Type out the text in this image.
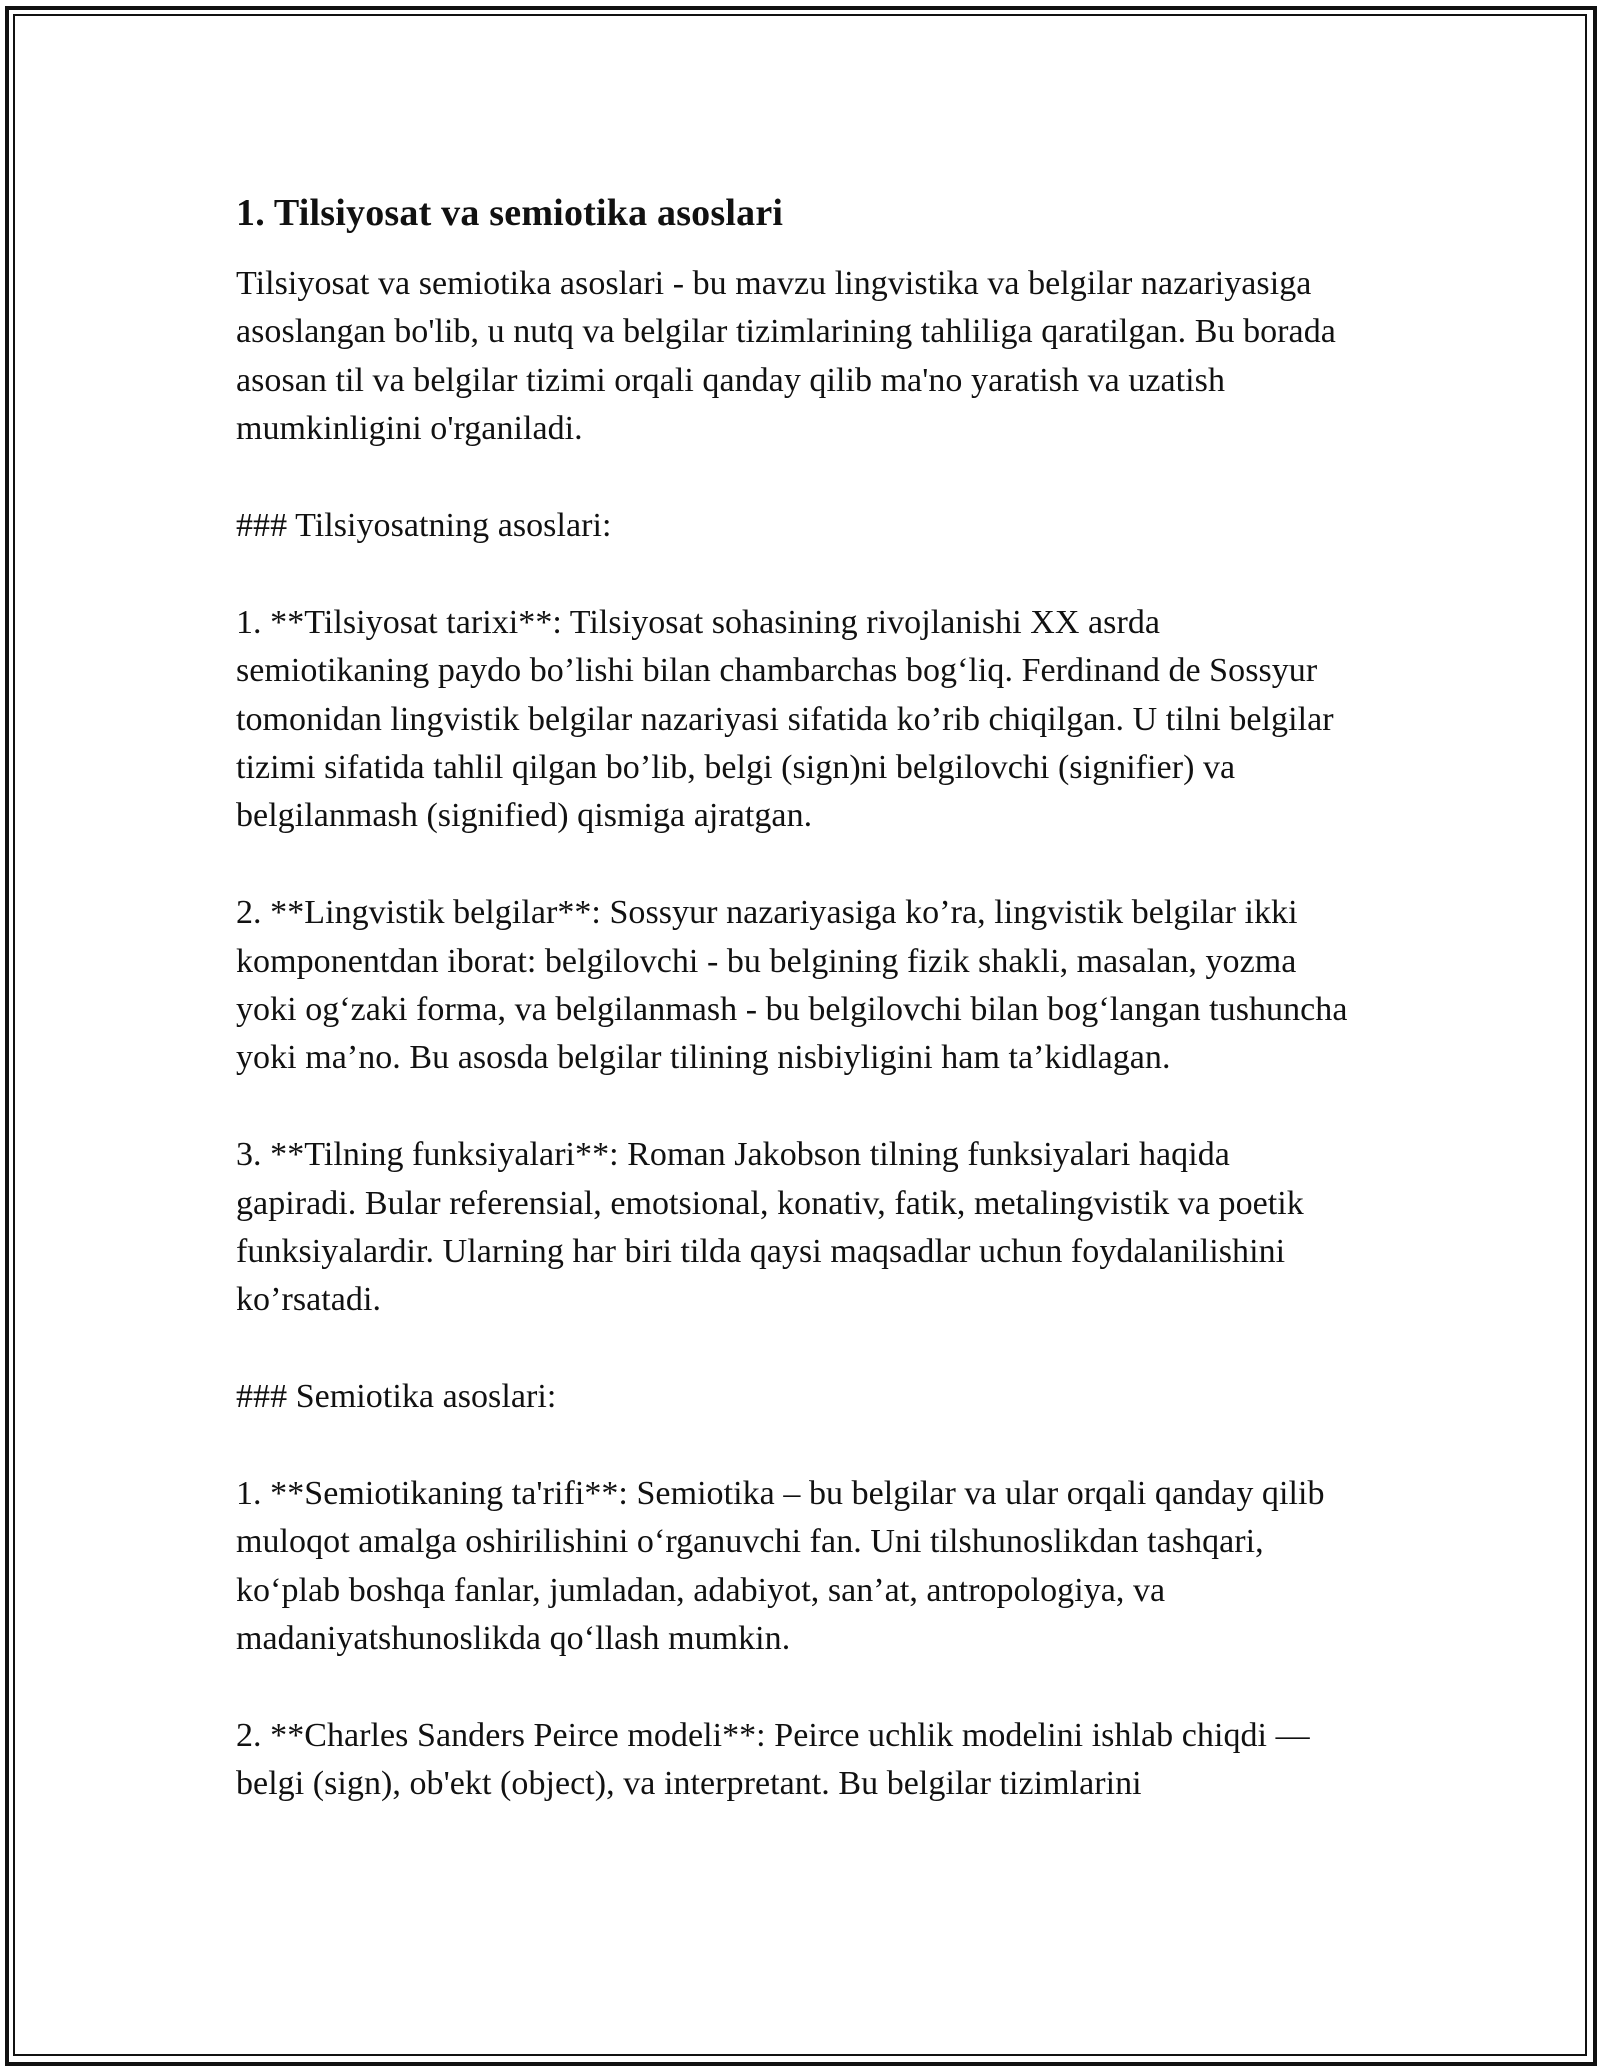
1. Tilsiyosat va semiotika asoslari

Tilsiyosat va semiotika asoslari - bu mavzu lingvistika va belgilar nazariyasiga asoslangan bo'lib, u nutq va belgilar tizimlarining tahliliga qaratilgan. Bu borada asosan til va belgilar tizimi orqali qanday qilib ma'no yaratish va uzatish mumkinligini o'rganiladi.

### Tilsiyosatning asoslari:

1. **Tilsiyosat tarixi**: Tilsiyosat sohasining rivojlanishi XX asrda semiotikaning paydo bo’lishi bilan chambarchas bog‘liq. Ferdinand de Sossyur tomonidan lingvistik belgilar nazariyasi sifatida ko’rib chiqilgan. U tilni belgilar tizimi sifatida tahlil qilgan bo’lib, belgi (sign)ni belgilovchi (signifier) va belgilanmash (signified) qismiga ajratgan.

2. **Lingvistik belgilar**: Sossyur nazariyasiga ko’ra, lingvistik belgilar ikki komponentdan iborat: belgilovchi - bu belgining fizik shakli, masalan, yozma yoki og‘zaki forma, va belgilanmash - bu belgilovchi bilan bog‘langan tushuncha yoki ma’no. Bu asosda belgilar tilining nisbiyligini ham ta’kidlagan.

3. **Tilning funksiyalari**: Roman Jakobson tilning funksiyalari haqida gapiradi. Bular referensial, emotsional, konativ, fatik, metalingvistik va poetik funksiyalardir. Ularning har biri tilda qaysi maqsadlar uchun foydalanilishini ko’rsatadi.

### Semiotika asoslari:

1. **Semiotikaning ta'rifi**: Semiotika – bu belgilar va ular orqali qanday qilib muloqot amalga oshirilishini o‘rganuvchi fan. Uni tilshunoslikdan tashqari, ko‘plab boshqa fanlar, jumladan, adabiyot, san’at, antropologiya, va madaniyatshunoslikda qo‘llash mumkin.

2. **Charles Sanders Peirce modeli**: Peirce uchlik modelini ishlab chiqdi — belgi (sign), ob'ekt (object), va interpretant. Bu belgilar tizimlarini
